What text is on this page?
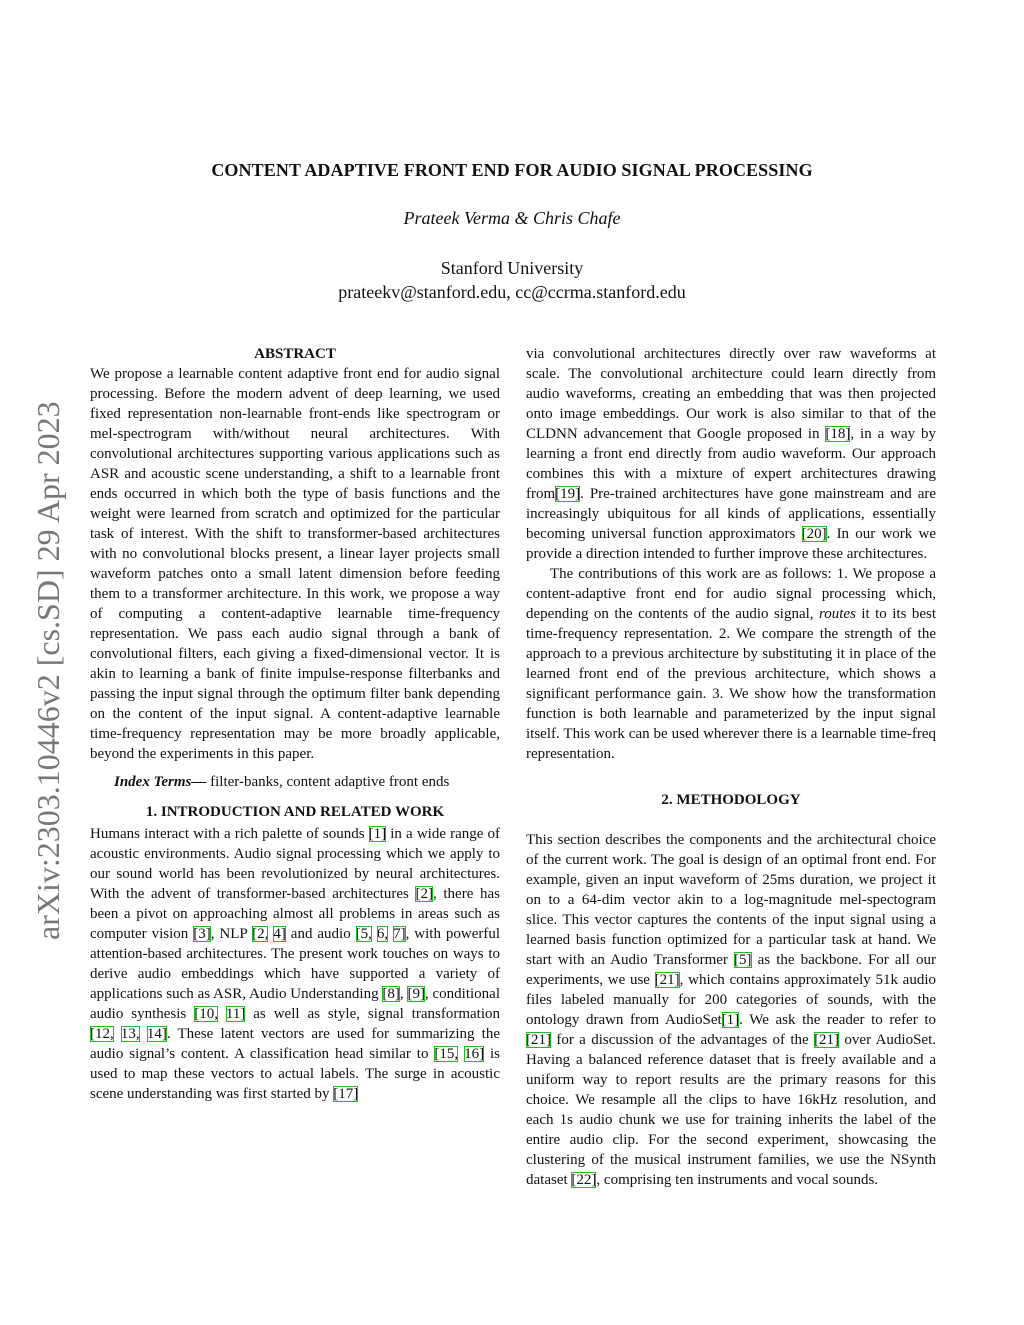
CONTENT ADAPTIVE FRONT END FOR AUDIO SIGNAL PROCESSING
Prateek Verma & Chris Chafe
Stanford University
prateekv@stanford.edu, cc@ccrma.stanford.edu
arXiv:2303.10446v2 [cs.SD] 29 Apr 2023

ABSTRACT

We propose a learnable content adaptive front end for audio signal processing. Before the modern advent of deep learning, we used fixed representation non-learnable front-ends like spectrogram or mel-spectrogram with/without neural architectures. With convolutional architectures supporting various applications such as ASR and acoustic scene understanding, a shift to a learnable front ends occurred in which both the type of basis functions and the weight were learned from scratch and optimized for the particular task of interest. With the shift to transformer-based architectures with no convolutional blocks present, a linear layer projects small waveform patches onto a small latent dimension before feeding them to a transformer architecture. In this work, we propose a way of computing a content-adaptive learnable time-frequency representation. We pass each audio signal through a bank of convolutional filters, each giving a fixed-dimensional vector. It is akin to learning a bank of finite impulse-response filterbanks and passing the input signal through the optimum filter bank depending on the content of the input signal. A content-adaptive learnable time-frequency representation may be more broadly applicable, beyond the experiments in this paper.

Index Terms— filter-banks, content adaptive front ends

1. INTRODUCTION AND RELATED WORK

Humans interact with a rich palette of sounds [1] in a wide range of acoustic environments. Audio signal processing which we apply to our sound world has been revolutionized by neural architectures. With the advent of transformer-based architectures [2], there has been a pivot on approaching almost all problems in areas such as computer vision [3], NLP [2, 4] and audio [5, 6, 7], with powerful attention-based architectures. The present work touches on ways to derive audio embeddings which have supported a variety of applications such as ASR, Audio Understanding [8], [9], conditional audio synthesis [10, 11] as well as style, signal transformation [12, 13, 14]. These latent vectors are used for summarizing the audio signal’s content. A classification head similar to [15, 16] is used to map these vectors to actual labels. The surge in acoustic scene understanding was first started by [17]

via convolutional architectures directly over raw waveforms at scale. The convolutional architecture could learn directly from audio waveforms, creating an embedding that was then projected onto image embeddings. Our work is also similar to that of the CLDNN advancement that Google proposed in [18], in a way by learning a front end directly from audio waveform. Our approach combines this with a mixture of expert architectures drawing from[19]. Pre-trained architectures have gone mainstream and are increasingly ubiquitous for all kinds of applications, essentially becoming universal function approximators [20]. In our work we provide a direction intended to further improve these architectures.

The contributions of this work are as follows: 1. We propose a content-adaptive front end for audio signal processing which, depending on the contents of the audio signal, routes it to its best time-frequency representation. 2. We compare the strength of the approach to a previous architecture by substituting it in place of the learned front end of the previous architecture, which shows a significant performance gain. 3. We show how the transformation function is both learnable and parameterized by the input signal itself. This work can be used wherever there is a learnable time-freq representation.

2. METHODOLOGY

This section describes the components and the architectural choice of the current work. The goal is design of an optimal front end. For example, given an input waveform of 25ms duration, we project it on to a 64-dim vector akin to a log-magnitude mel-spectogram slice. This vector captures the contents of the input signal using a learned basis function optimized for a particular task at hand. We start with an Audio Transformer [5] as the backbone. For all our experiments, we use [21], which contains approximately 51k audio files labeled manually for 200 categories of sounds, with the ontology drawn from AudioSet[1]. We ask the reader to refer to [21] for a discussion of the advantages of the [21] over AudioSet. Having a balanced reference dataset that is freely available and a uniform way to report results are the primary reasons for this choice. We resample all the clips to have 16kHz resolution, and each 1s audio chunk we use for training inherits the label of the entire audio clip. For the second experiment, showcasing the clustering of the musical instrument families, we use the NSynth dataset [22], comprising ten instruments and vocal sounds.
